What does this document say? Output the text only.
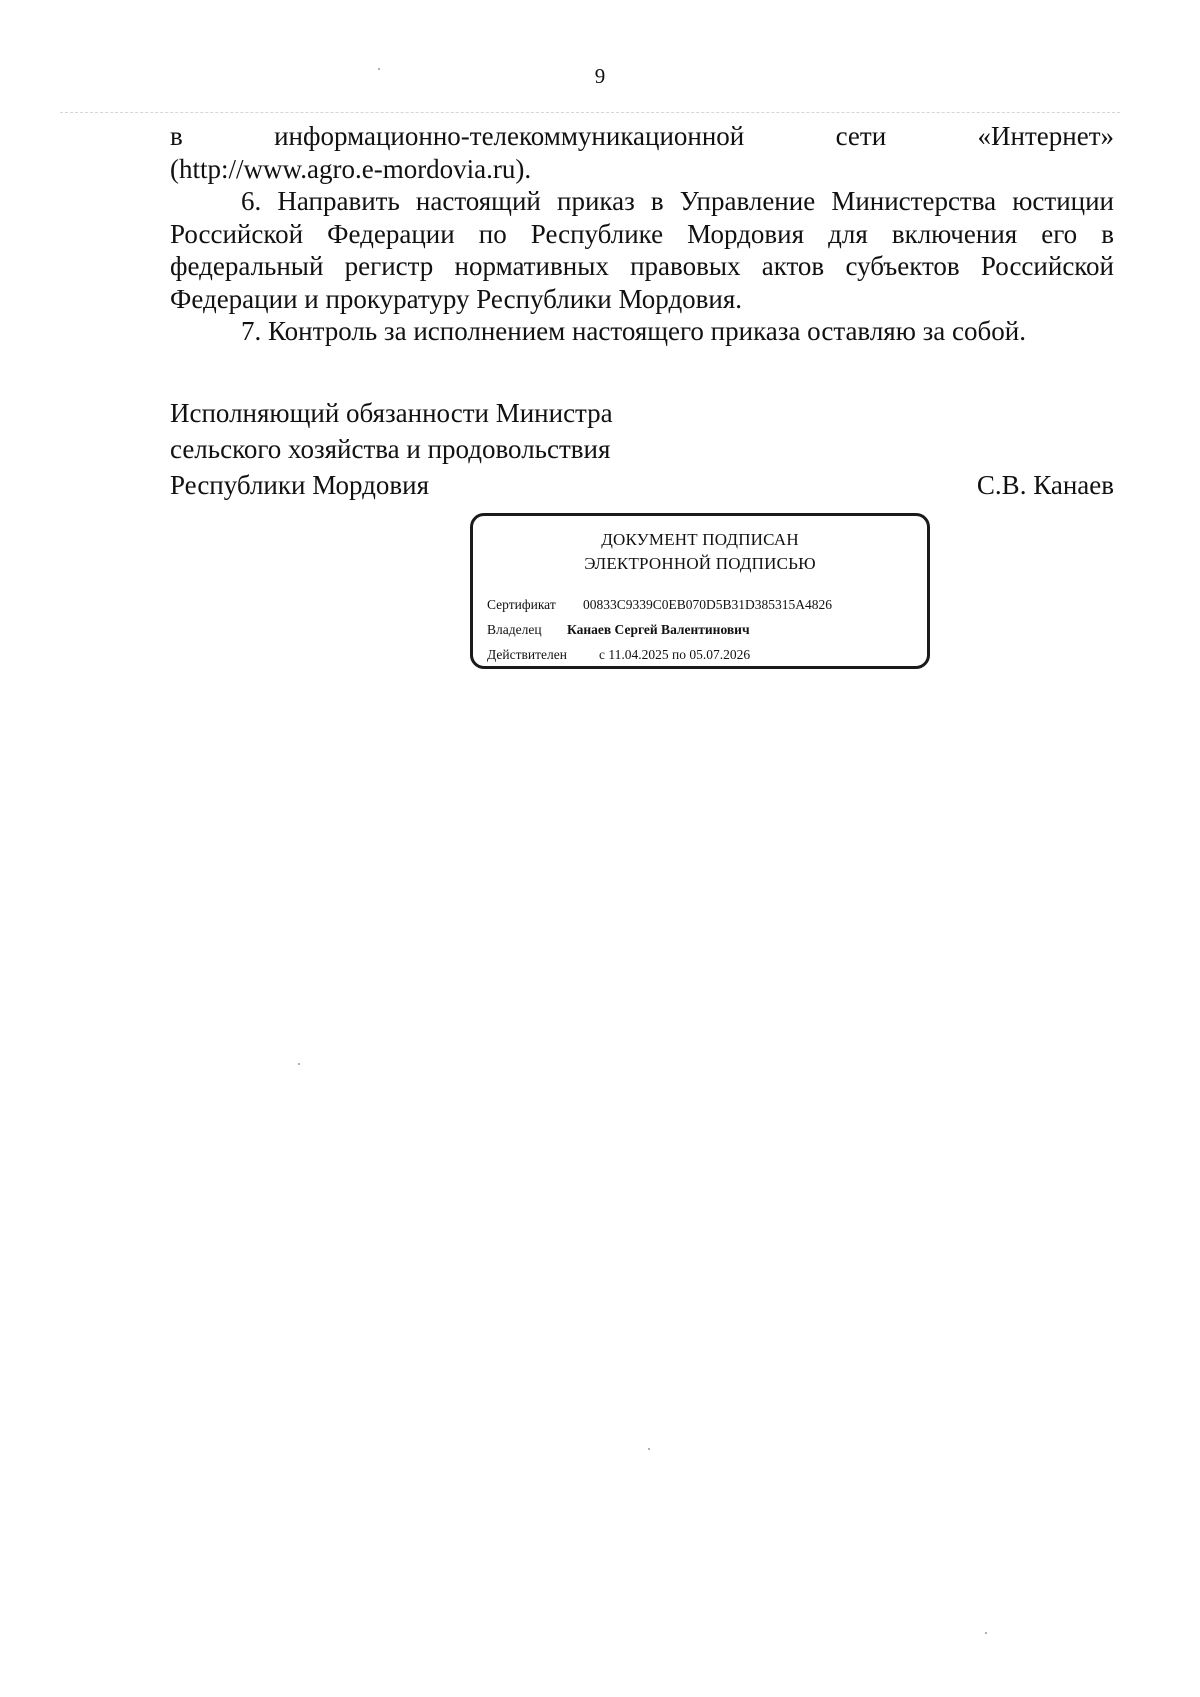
9
в информационно-телекоммуникационной сети «Интернет»
(http://www.agro.e-mordovia.ru).
6. Направить настоящий приказ в Управление Министерства юстиции
Российской Федерации по Республике Мордовия для включения его в
федеральный регистр нормативных правовых актов субъектов Российской
Федерации и прокуратуру Республики Мордовия.
7. Контроль за исполнением настоящего приказа оставляю за собой.
Исполняющий обязанности Министра
сельского хозяйства и продовольствия
Республики Мордовия	С.В. Канаев
ДОКУМЕНТ ПОДПИСАН
ЭЛЕКТРОННОЙ ПОДПИСЬЮ
Сертификат	00833C9339C0EB070D5B31D385315A4826
Владелец	Канаев Сергей Валентинович
Действителен	с 11.04.2025 по 05.07.2026
